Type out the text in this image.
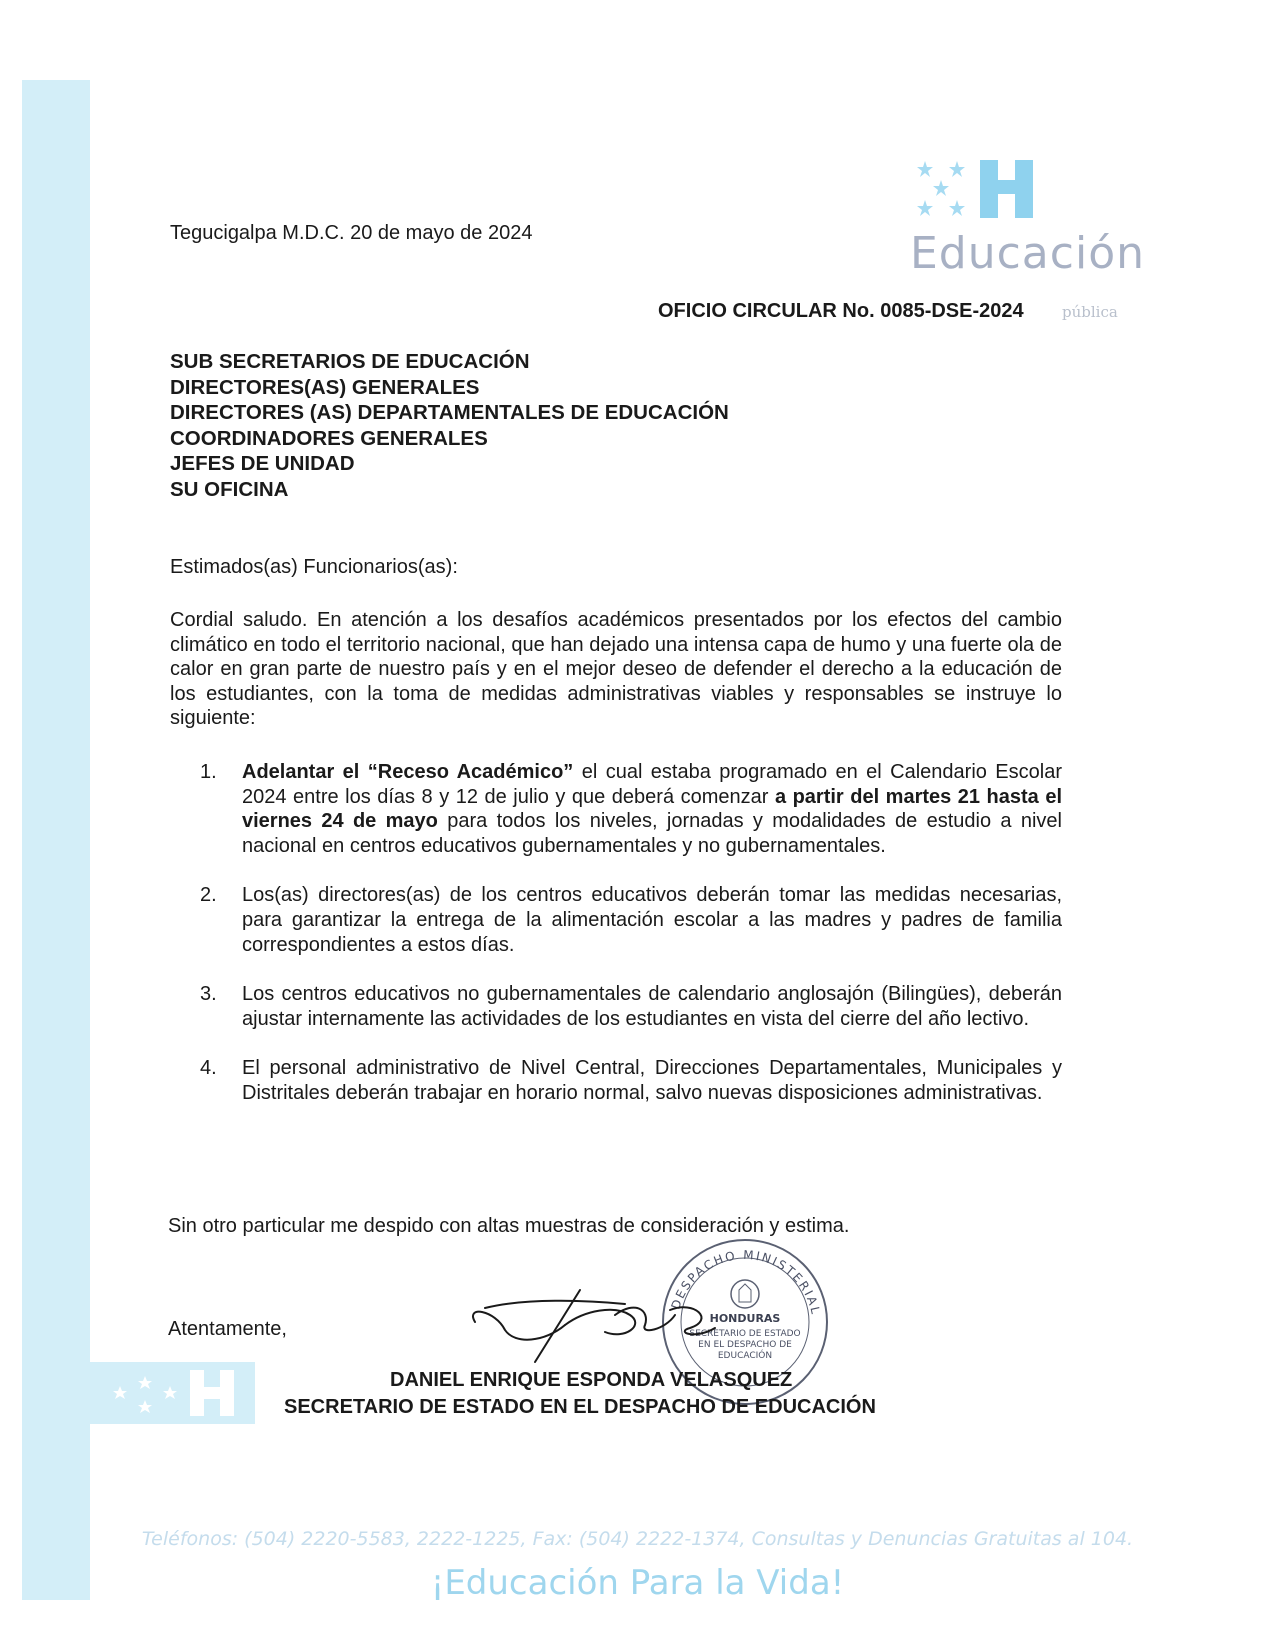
Educación
pública
Tegucigalpa M.D.C. 20 de mayo de 2024
OFICIO CIRCULAR No. 0085-DSE-2024
SUB SECRETARIOS DE EDUCACIÓN
DIRECTORES(AS) GENERALES
DIRECTORES (AS) DEPARTAMENTALES DE EDUCACIÓN
COORDINADORES GENERALES
JEFES DE UNIDAD
SU OFICINA
Estimados(as) Funcionarios(as):

Cordial saludo. En atención a los desafíos académicos presentados por los efectos del cambio climático en todo el territorio nacional, que han dejado una intensa capa de humo y una fuerte ola de calor en gran parte de nuestro país y en el mejor deseo de defender el derecho a la educación de los estudiantes, con la toma de medidas administrativas viables y responsables se instruye lo siguiente:

1. Adelantar el “Receso Académico” el cual estaba programado en el Calendario Escolar 2024 entre los días 8 y 12 de julio y que deberá comenzar a partir del martes 21 hasta el viernes 24 de mayo para todos los niveles, jornadas y modalidades de estudio a nivel nacional en centros educativos gubernamentales y no gubernamentales.
2. Los(as) directores(as) de los centros educativos deberán tomar las medidas necesarias, para garantizar la entrega de la alimentación escolar a las madres y padres de familia correspondientes a estos días.
3. Los centros educativos no gubernamentales de calendario anglosajón (Bilingües), deberán ajustar internamente las actividades de los estudiantes en vista del cierre del año lectivo.
4. El personal administrativo de Nivel Central, Direcciones Departamentales, Municipales y Distritales deberán trabajar en horario normal, salvo nuevas disposiciones administrativas.
Sin otro particular me despido con altas muestras de consideración y estima.
Atentamente,
DESPACHO MINISTERIAL
HONDURAS
SECRETARIO DE ESTADO
EN EL DESPACHO DE
EDUCACIÓN
DANIEL ENRIQUE ESPONDA VELASQUEZ
SECRETARIO DE ESTADO EN EL DESPACHO DE EDUCACIÓN
Teléfonos: (504) 2220-5583, 2222-1225, Fax: (504) 2222-1374, Consultas y Denuncias Gratuitas al 104.
¡Educación Para la Vida!
